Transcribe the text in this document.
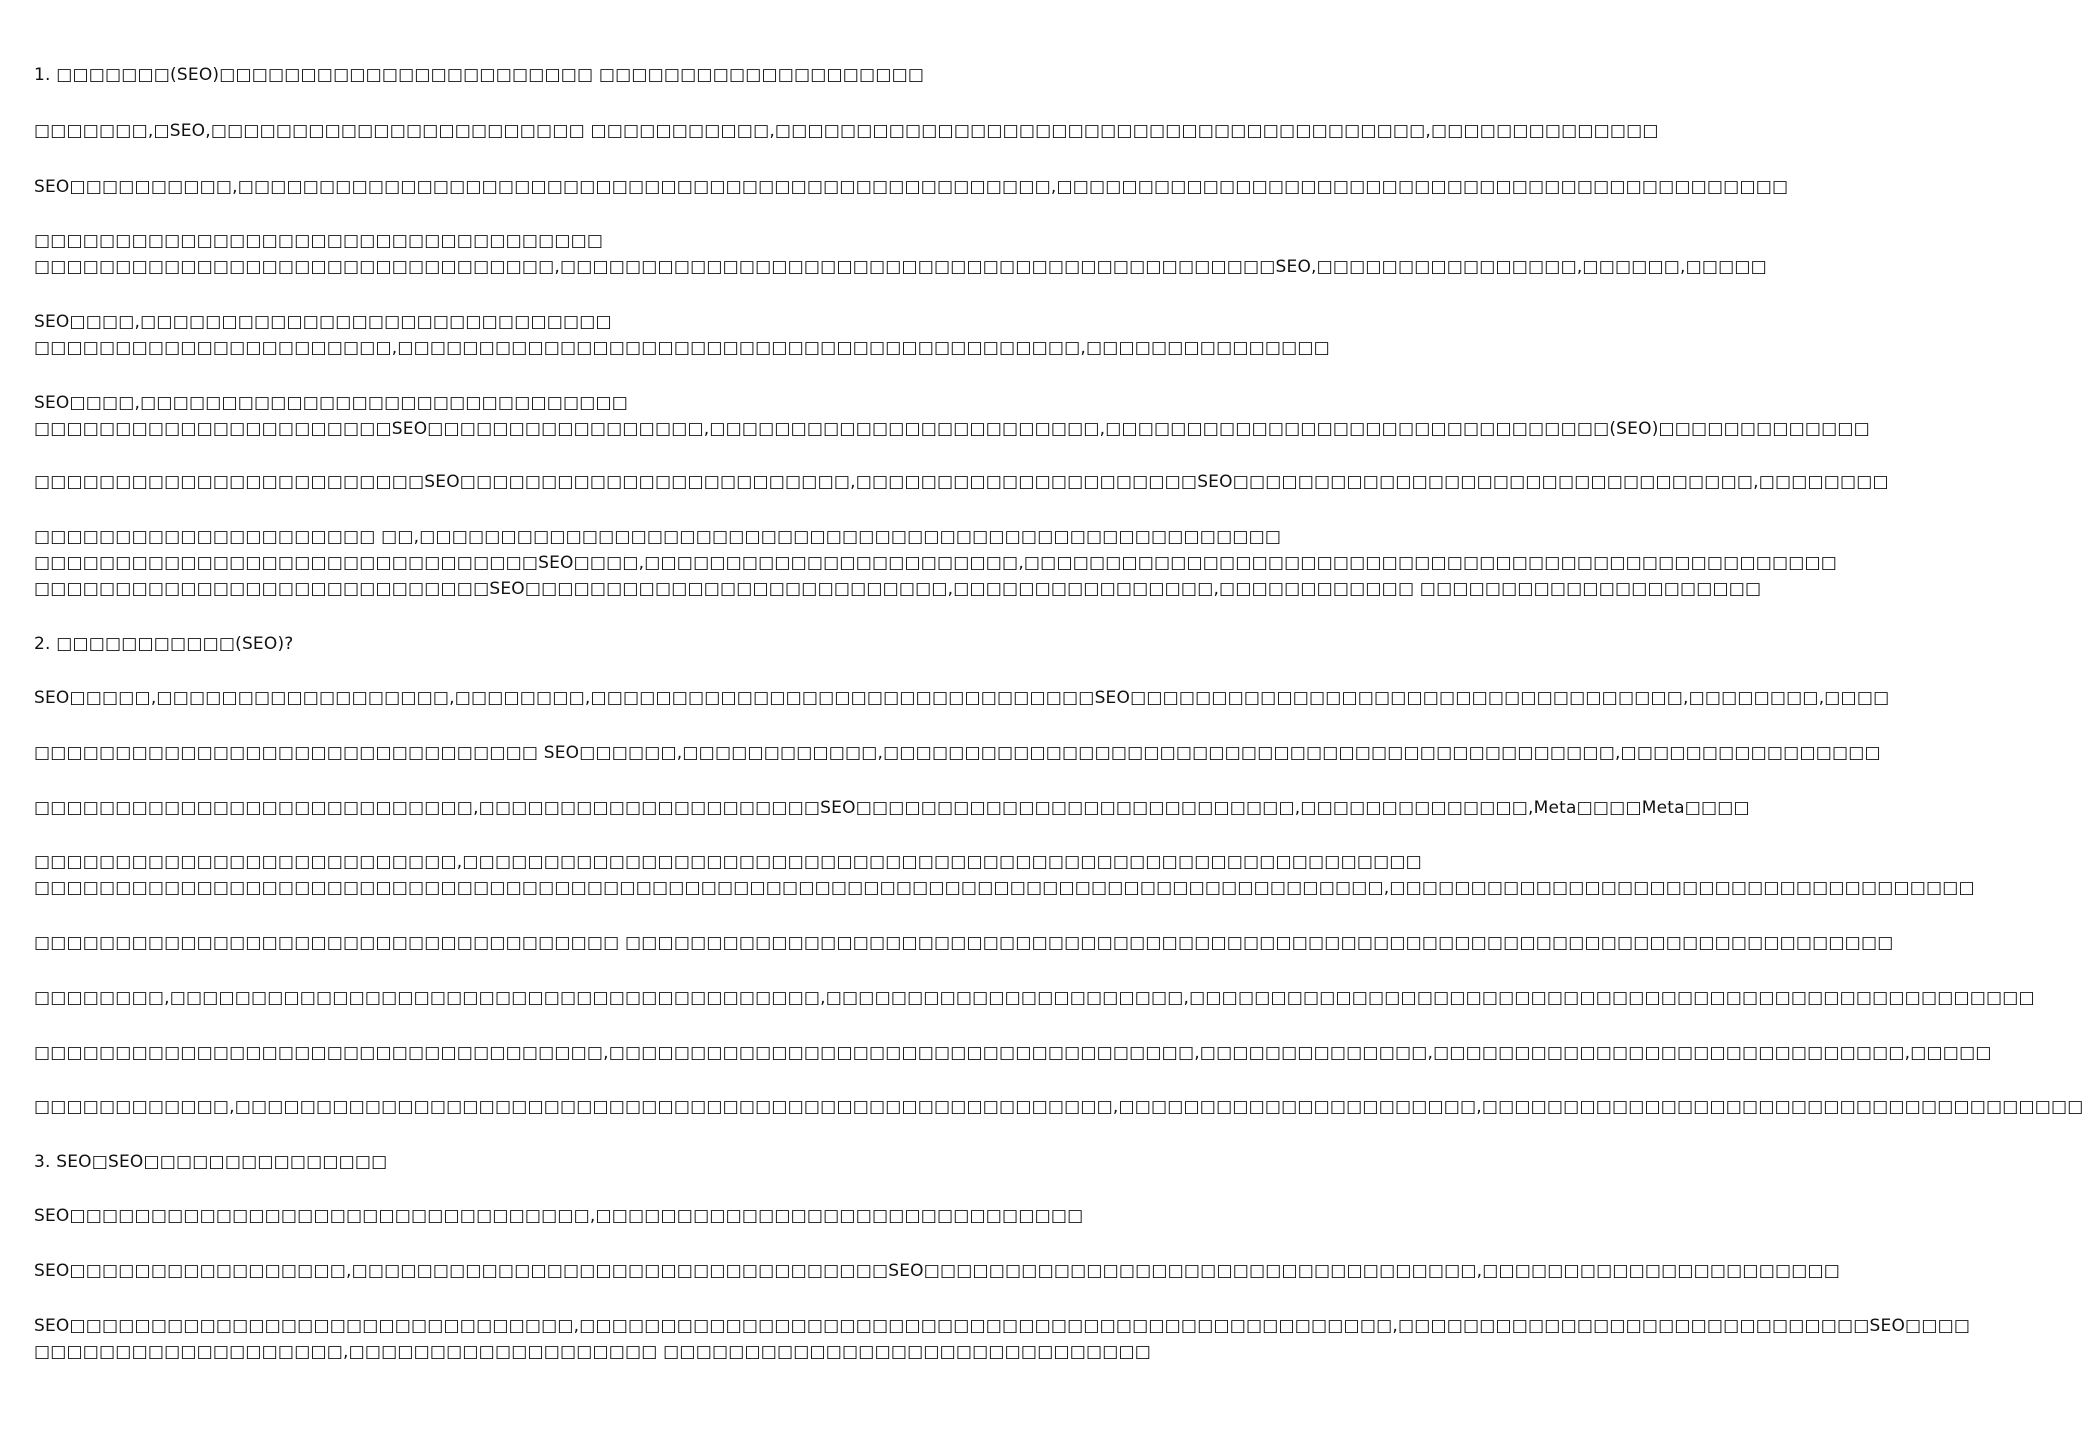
1. □□□□□□□(SEO)□□□□□□□□□□□□□□□□□□□□□□□ □□□□□□□□□□□□□□□□□□□□
□□□□□□□,□SEO,□□□□□□□□□□□□□□□□□□□□□□□ □□□□□□□□□□□,□□□□□□□□□□□□□□□□□□□□□□□□□□□□□□□□□□□□□□□□,□□□□□□□□□□□□□□
SEO□□□□□□□□□□,□□□□□□□□□□□□□□□□□□□□□□□□□□□□□□□□□□□□□□□□□□□□□□□□□□,□□□□□□□□□□□□□□□□□□□□□□□□□□□□□□□□□□□□□□□□□□□□□
□□□□□□□□□□□□□□□□□□□□□□□□□□□□□□□□□□□
□□□□□□□□□□□□□□□□□□□□□□□□□□□□□□□□,□□□□□□□□□□□□□□□□□□□□□□□□□□□□□□□□□□□□□□□□□□□□SEO,□□□□□□□□□□□□□□□□,□□□□□□,□□□□□
SEO□□□□,□□□□□□□□□□□□□□□□□□□□□□□□□□□□□
□□□□□□□□□□□□□□□□□□□□□□,□□□□□□□□□□□□□□□□□□□□□□□□□□□□□□□□□□□□□□□□□□,□□□□□□□□□□□□□□□
SEO□□□□,□□□□□□□□□□□□□□□□□□□□□□□□□□□□□□
□□□□□□□□□□□□□□□□□□□□□□SEO□□□□□□□□□□□□□□□□□,□□□□□□□□□□□□□□□□□□□□□□□□,□□□□□□□□□□□□□□□□□□□□□□□□□□□□□□□(SEO)□□□□□□□□□□□□□
□□□□□□□□□□□□□□□□□□□□□□□□SEO□□□□□□□□□□□□□□□□□□□□□□□□,□□□□□□□□□□□□□□□□□□□□□SEO□□□□□□□□□□□□□□□□□□□□□□□□□□□□□□□□,□□□□□□□□
□□□□□□□□□□□□□□□□□□□□□ □□,□□□□□□□□□□□□□□□□□□□□□□□□□□□□□□□□□□□□□□□□□□□□□□□□□□□□□
□□□□□□□□□□□□□□□□□□□□□□□□□□□□□□□SEO□□□□,□□□□□□□□□□□□□□□□□□□□□□□,□□□□□□□□□□□□□□□□□□□□□□□□□□□□□□□□□□□□□□□□□□□□□□□□□□
□□□□□□□□□□□□□□□□□□□□□□□□□□□□SEO□□□□□□□□□□□□□□□□□□□□□□□□□□,□□□□□□□□□□□□□□□□,□□□□□□□□□□□□ □□□□□□□□□□□□□□□□□□□□□
2. □□□□□□□□□□□(SEO)?
SEO□□□□□,□□□□□□□□□□□□□□□□□□,□□□□□□□□,□□□□□□□□□□□□□□□□□□□□□□□□□□□□□□□SEO□□□□□□□□□□□□□□□□□□□□□□□□□□□□□□□□□□,□□□□□□□□,□□□□
□□□□□□□□□□□□□□□□□□□□□□□□□□□□□□□ SEO□□□□□□,□□□□□□□□□□□□,□□□□□□□□□□□□□□□□□□□□□□□□□□□□□□□□□□□□□□□□□□□□□,□□□□□□□□□□□□□□□□
□□□□□□□□□□□□□□□□□□□□□□□□□□□,□□□□□□□□□□□□□□□□□□□□□SEO□□□□□□□□□□□□□□□□□□□□□□□□□□□,□□□□□□□□□□□□□□,Meta□□□□Meta□□□□
□□□□□□□□□□□□□□□□□□□□□□□□□□,□□□□□□□□□□□□□□□□□□□□□□□□□□□□□□□□□□□□□□□□□□□□□□□□□□□□□□□□□□□
□□□□□□□□□□□□□□□□□□□□□□□□□□□□□□□□□□□□□□□□□□□□□□□□□□□□□□□□□□□□□□□□□□□□□□□□□□□□□□□□□□□,□□□□□□□□□□□□□□□□□□□□□□□□□□□□□□□□□□□□
□□□□□□□□□□□□□□□□□□□□□□□□□□□□□□□□□□□□ □□□□□□□□□□□□□□□□□□□□□□□□□□□□□□□□□□□□□□□□□□□□□□□□□□□□□□□□□□□□□□□□□□□□□□□□□□□□□□
□□□□□□□□,□□□□□□□□□□□□□□□□□□□□□□□□□□□□□□□□□□□□□□□□,□□□□□□□□□□□□□□□□□□□□□□,□□□□□□□□□□□□□□□□□□□□□□□□□□□□□□□□□□□□□□□□□□□□□□□□□□□□
□□□□□□□□□□□□□□□□□□□□□□□□□□□□□□□□□□□,□□□□□□□□□□□□□□□□□□□□□□□□□□□□□□□□□□□□,□□□□□□□□□□□□□□,□□□□□□□□□□□□□□□□□□□□□□□□□□□□□,□□□□□
□□□□□□□□□□□□,□□□□□□□□□□□□□□□□□□□□□□□□□□□□□□□□□□□□□□□□□□□□□□□□□□□□□□,□□□□□□□□□□□□□□□□□□□□□□,□□□□□□□□□□□□□□□□□□□□□□□□□□□□□□□□□□□□□
3. SEO□SEO□□□□□□□□□□□□□□□
SEO□□□□□□□□□□□□□□□□□□□□□□□□□□□□□□□□,□□□□□□□□□□□□□□□□□□□□□□□□□□□□□□
SEO□□□□□□□□□□□□□□□□□,□□□□□□□□□□□□□□□□□□□□□□□□□□□□□□□□□SEO□□□□□□□□□□□□□□□□□□□□□□□□□□□□□□□□□□,□□□□□□□□□□□□□□□□□□□□□□
SEO□□□□□□□□□□□□□□□□□□□□□□□□□□□□□□□,□□□□□□□□□□□□□□□□□□□□□□□□□□□□□□□□□□□□□□□□□□□□□□□□□□,□□□□□□□□□□□□□□□□□□□□□□□□□□□□□SEO□□□□
□□□□□□□□□□□□□□□□□□□,□□□□□□□□□□□□□□□□□□□ □□□□□□□□□□□□□□□□□□□□□□□□□□□□□□
